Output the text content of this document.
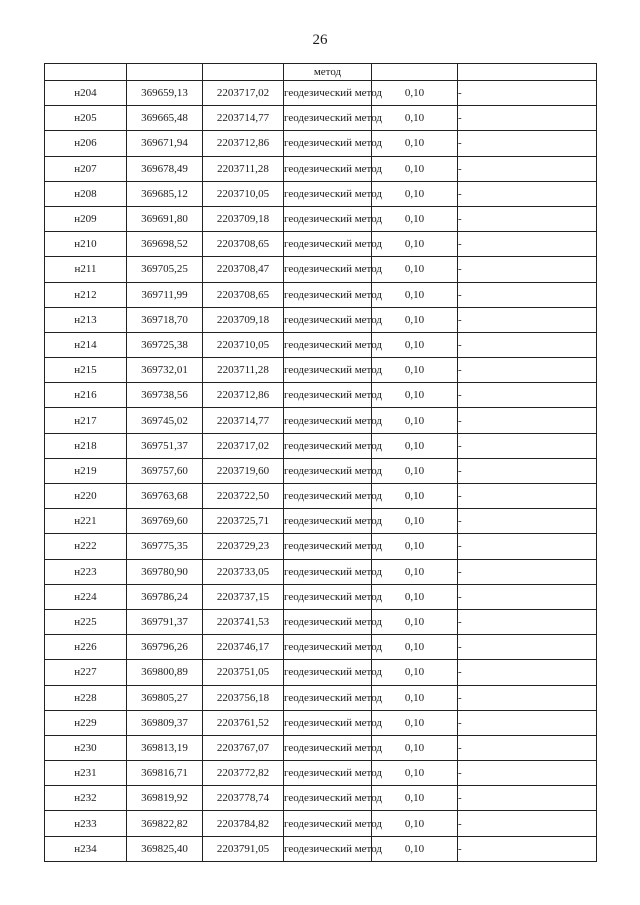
26
			метод		
н204	369659,13	2203717,02	геодезический метод	0,10	-
н205	369665,48	2203714,77	геодезический метод	0,10	-
н206	369671,94	2203712,86	геодезический метод	0,10	-
н207	369678,49	2203711,28	геодезический метод	0,10	-
н208	369685,12	2203710,05	геодезический метод	0,10	-
н209	369691,80	2203709,18	геодезический метод	0,10	-
н210	369698,52	2203708,65	геодезический метод	0,10	-
н211	369705,25	2203708,47	геодезический метод	0,10	-
н212	369711,99	2203708,65	геодезический метод	0,10	-
н213	369718,70	2203709,18	геодезический метод	0,10	-
н214	369725,38	2203710,05	геодезический метод	0,10	-
н215	369732,01	2203711,28	геодезический метод	0,10	-
н216	369738,56	2203712,86	геодезический метод	0,10	-
н217	369745,02	2203714,77	геодезический метод	0,10	-
н218	369751,37	2203717,02	геодезический метод	0,10	-
н219	369757,60	2203719,60	геодезический метод	0,10	-
н220	369763,68	2203722,50	геодезический метод	0,10	-
н221	369769,60	2203725,71	геодезический метод	0,10	-
н222	369775,35	2203729,23	геодезический метод	0,10	-
н223	369780,90	2203733,05	геодезический метод	0,10	-
н224	369786,24	2203737,15	геодезический метод	0,10	-
н225	369791,37	2203741,53	геодезический метод	0,10	-
н226	369796,26	2203746,17	геодезический метод	0,10	-
н227	369800,89	2203751,05	геодезический метод	0,10	-
н228	369805,27	2203756,18	геодезический метод	0,10	-
н229	369809,37	2203761,52	геодезический метод	0,10	-
н230	369813,19	2203767,07	геодезический метод	0,10	-
н231	369816,71	2203772,82	геодезический метод	0,10	-
н232	369819,92	2203778,74	геодезический метод	0,10	-
н233	369822,82	2203784,82	геодезический метод	0,10	-
н234	369825,40	2203791,05	геодезический метод	0,10	-
